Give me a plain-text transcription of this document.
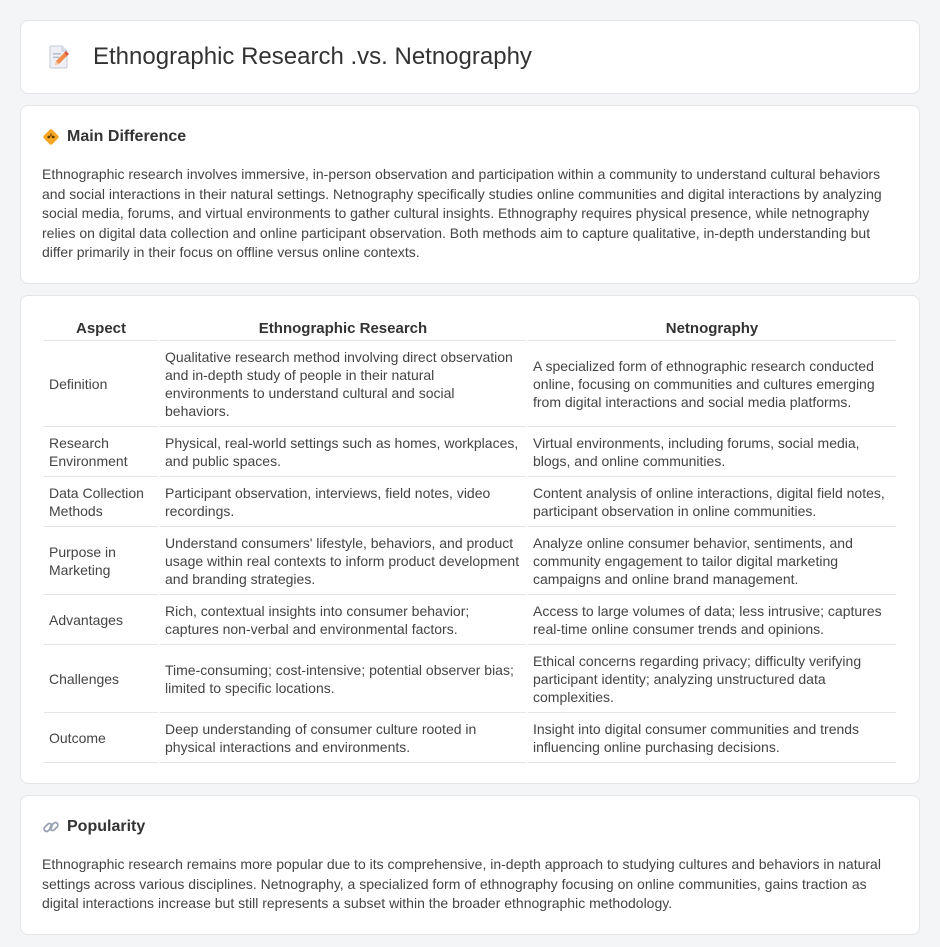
Ethnographic Research .vs. Netnography
Main Difference

Ethnographic research involves immersive, in-person observation and participation within a community to understand cultural behaviors and social interactions in their natural settings. Netnography specifically studies online communities and digital interactions by analyzing social media, forums, and virtual environments to gather cultural insights. Ethnography requires physical presence, while netnography relies on digital data collection and online participant observation. Both methods aim to capture qualitative, in-depth understanding but differ primarily in their focus on offline versus online contexts.

Aspect	Ethnographic Research	Netnography
Definition	Qualitative research method involving direct observation and in-depth study of people in their natural environments to understand cultural and social behaviors.	A specialized form of ethnographic research conducted online, focusing on communities and cultures emerging from digital interactions and social media platforms.
Research Environment	Physical, real-world settings such as homes, workplaces, and public spaces.	Virtual environments, including forums, social media, blogs, and online communities.
Data Collection Methods	Participant observation, interviews, field notes, video recordings.	Content analysis of online interactions, digital field notes, participant observation in online communities.
Purpose in Marketing	Understand consumers' lifestyle, behaviors, and product usage within real contexts to inform product development and branding strategies.	Analyze online consumer behavior, sentiments, and community engagement to tailor digital marketing campaigns and online brand management.
Advantages	Rich, contextual insights into consumer behavior; captures non-verbal and environmental factors.	Access to large volumes of data; less intrusive; captures real-time online consumer trends and opinions.
Challenges	Time-consuming; cost-intensive; potential observer bias; limited to specific locations.	Ethical concerns regarding privacy; difficulty verifying participant identity; analyzing unstructured data complexities.
Outcome	Deep understanding of consumer culture rooted in physical interactions and environments.	Insight into digital consumer communities and trends influencing online purchasing decisions.
Popularity

Ethnographic research remains more popular due to its comprehensive, in-depth approach to studying cultures and behaviors in natural settings across various disciplines. Netnography, a specialized form of ethnography focusing on online communities, gains traction as digital interactions increase but still represents a subset within the broader ethnographic methodology.
